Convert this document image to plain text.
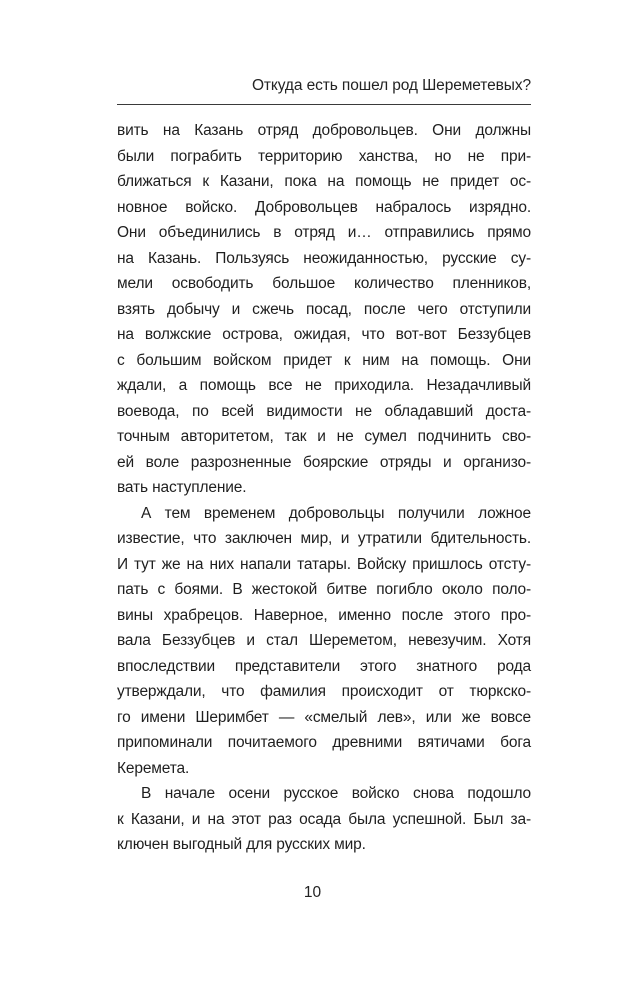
Откуда есть пошел род Шереметевых?
вить на Казань отряд добровольцев. Они должны
были пограбить территорию ханства, но не при-
ближаться к Казани, пока на помощь не придет ос-
новное войско. Добровольцев набралось изрядно.
Они объединились в отряд и… отправились прямо
на Казань. Пользуясь неожиданностью, русские су-
мели освободить большое количество пленников,
взять добычу и сжечь посад, после чего отступили
на волжские острова, ожидая, что вот-вот Беззубцев
с большим войском придет к ним на помощь. Они
ждали, а помощь все не приходила. Незадачливый
воевода, по всей видимости не обладавший доста-
точным авторитетом, так и не сумел подчинить сво-
ей воле разрозненные боярские отряды и организо-
вать наступление.
А тем временем добровольцы получили ложное
известие, что заключен мир, и утратили бдительность.
И тут же на них напали татары. Войску пришлось отсту-
пать с боями. В жестокой битве погибло около поло-
вины храбрецов. Наверное, именно после этого про-
вала Беззубцев и стал Шереметом, невезучим. Хотя
впоследствии представители этого знатного рода
утверждали, что фамилия происходит от тюркско-
го имени Шеримбет — «смелый лев», или же вовсе
припоминали почитаемого древними вятичами бога
Керемета.
В начале осени русское войско снова подошло
к Казани, и на этот раз осада была успешной. Был за-
ключен выгодный для русских мир.
10
